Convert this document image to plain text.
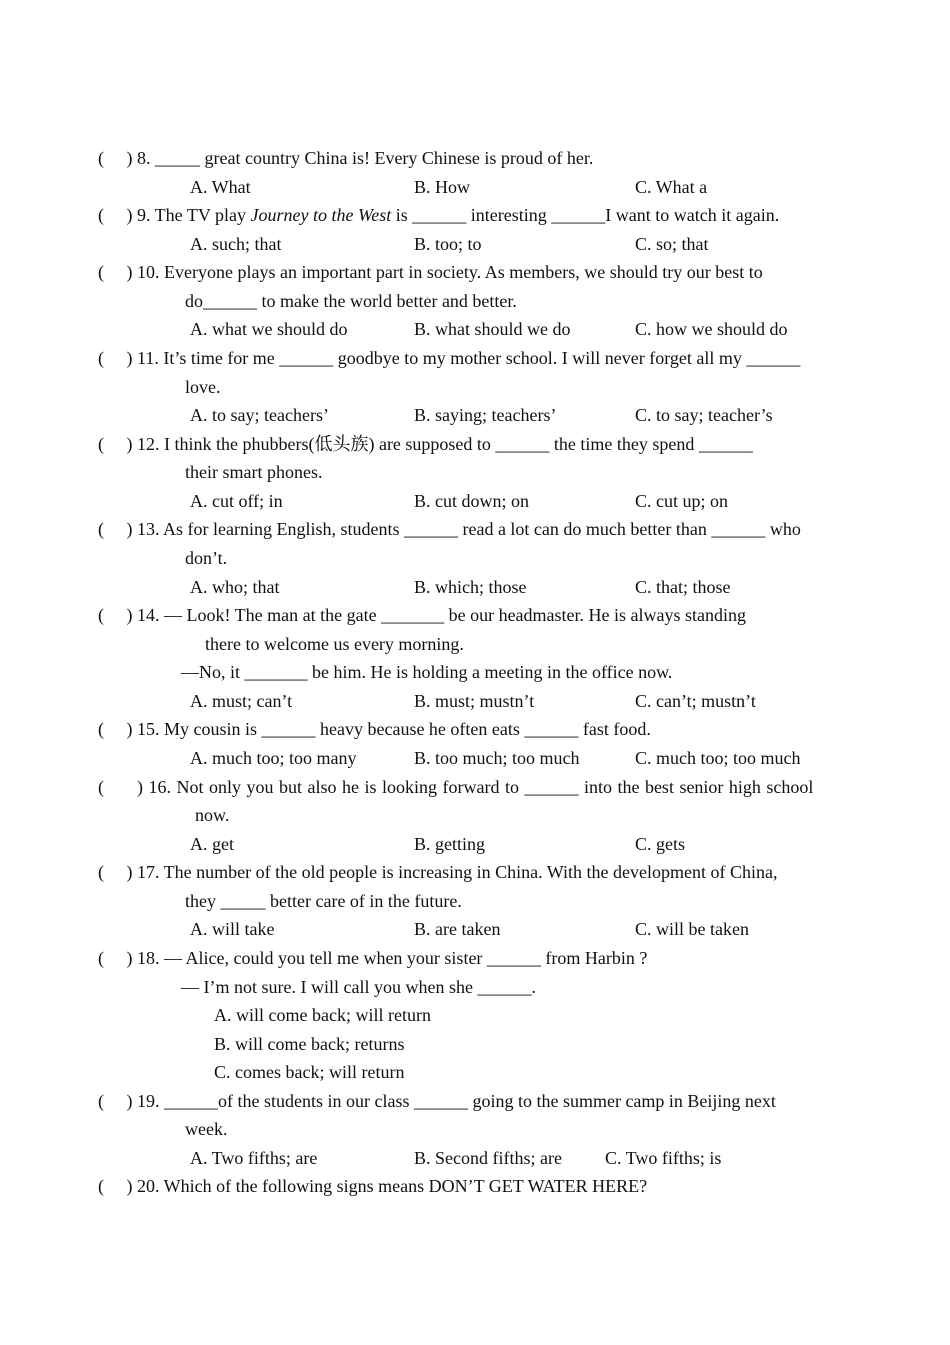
(     ) 8. _____ great country China is! Every Chinese is proud of her.
A. What	B. How	C. What a
(     ) 9. The TV play Journey to the West is ______ interesting ______I want to watch it again.
A. such; that	B. too; to	C. so; that
(     ) 10. Everyone plays an important part in society. As members, we should try our best to
do______ to make the world better and better.
A. what we should do	B. what should we do	C. how we should do
(     ) 11. It’s time for me ______ goodbye to my mother school. I will never forget all my ______
love.
A. to say; teachers’	B. saying; teachers’	C. to say; teacher’s
(     ) 12. I think the phubbers(低头族) are supposed to ______ the time they spend ______
their smart phones.
A. cut off; in	B. cut down; on	C. cut up; on
(     ) 13. As for learning English, students ______ read a lot can do much better than ______ who
don’t.
A. who; that	B. which; those	C. that; those
(     ) 14. — Look! The man at the gate _______ be our headmaster. He is always standing
there to welcome us every morning.
—No, it _______ be him. He is holding a meeting in the office now.
A. must; can’t	B. must; mustn’t	C. can’t; mustn’t
(     ) 15. My cousin is ______ heavy because he often eats ______ fast food.
A. much too; too many	B. too much; too much	C. much too; too much
(      ) 16. Not only you but also he is looking forward to ______ into the best senior high school
now.
A. get	B. getting	C. gets
(     ) 17. The number of the old people is increasing in China. With the development of China,
they _____ better care of in the future.
A. will take	B. are taken	C. will be taken
(     ) 18. — Alice, could you tell me when your sister ______ from Harbin ?
— I’m not sure. I will call you when she ______.
A. will come back; will return
B. will come back; returns
C. comes back; will return
(     ) 19. ______of the students in our class ______ going to the summer camp in Beijing next
week.
A. Two fifths; are	B. Second fifths; are C. Two fifths; is
(     ) 20. Which of the following signs means DON’T GET WATER HERE?
